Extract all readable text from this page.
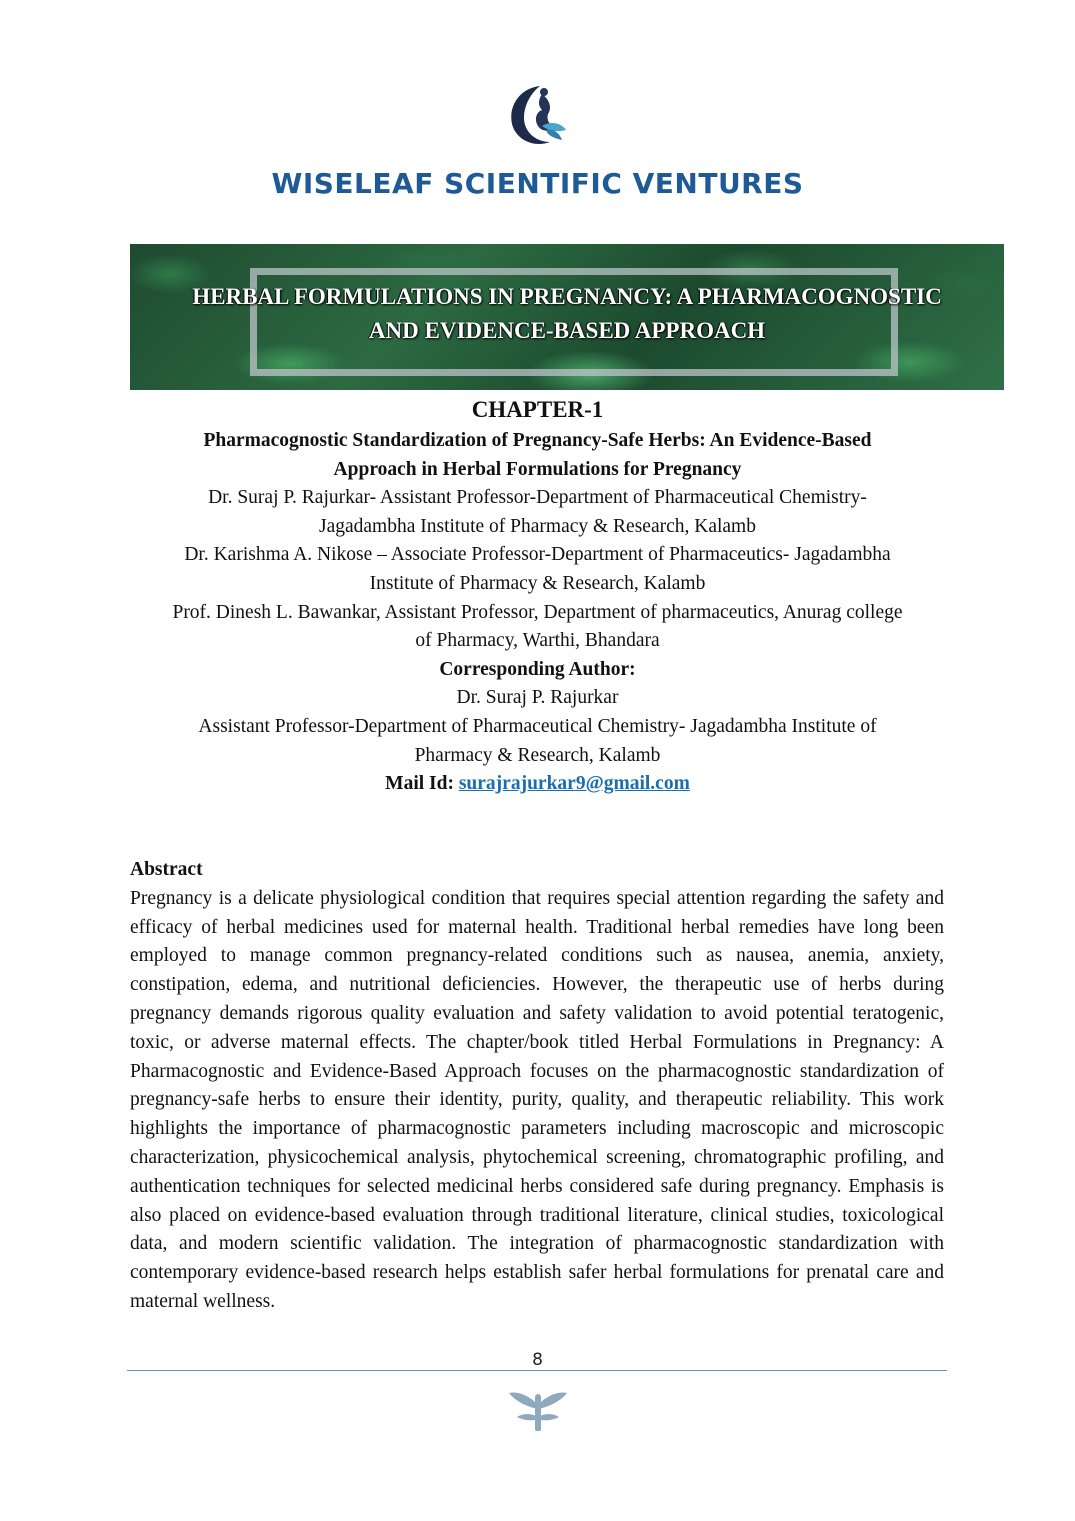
WISELEAF SCIENTIFIC VENTURES
HERBAL FORMULATIONS IN PREGNANCY: A PHARMACOGNOSTIC
AND EVIDENCE-BASED APPROACH
CHAPTER-1
Pharmacognostic Standardization of Pregnancy-Safe Herbs: An Evidence-Based
Approach in Herbal Formulations for Pregnancy
Dr. Suraj P. Rajurkar- Assistant Professor-Department of Pharmaceutical Chemistry-
Jagadambha Institute of Pharmacy & Research, Kalamb
Dr. Karishma A. Nikose – Associate Professor-Department of Pharmaceutics- Jagadambha
Institute of Pharmacy & Research, Kalamb
Prof. Dinesh L. Bawankar, Assistant Professor, Department of pharmaceutics, Anurag college
of Pharmacy, Warthi, Bhandara
Corresponding Author:
Dr. Suraj P. Rajurkar
Assistant Professor-Department of Pharmaceutical Chemistry- Jagadambha Institute of
Pharmacy & Research, Kalamb
Mail Id: surajrajurkar9@gmail.com
Abstract

Pregnancy is a delicate physiological condition that requires special attention regarding the safety and efficacy of herbal medicines used for maternal health. Traditional herbal remedies have long been employed to manage common pregnancy-related conditions such as nausea, anemia, anxiety, constipation, edema, and nutritional deficiencies. However, the therapeutic use of herbs during pregnancy demands rigorous quality evaluation and safety validation to avoid potential teratogenic, toxic, or adverse maternal effects. The chapter/book titled Herbal Formulations in Pregnancy: A Pharmacognostic and Evidence-Based Approach focuses on the pharmacognostic standardization of pregnancy-safe herbs to ensure their identity, purity, quality, and therapeutic reliability. This work highlights the importance of pharmacognostic parameters including macroscopic and microscopic characterization, physicochemical analysis, phytochemical screening, chromatographic profiling, and authentication techniques for selected medicinal herbs considered safe during pregnancy. Emphasis is also placed on evidence-based evaluation through traditional literature, clinical studies, toxicological data, and modern scientific validation. The integration of pharmacognostic standardization with contemporary evidence-based research helps establish safer herbal formulations for prenatal care and maternal wellness.

8
